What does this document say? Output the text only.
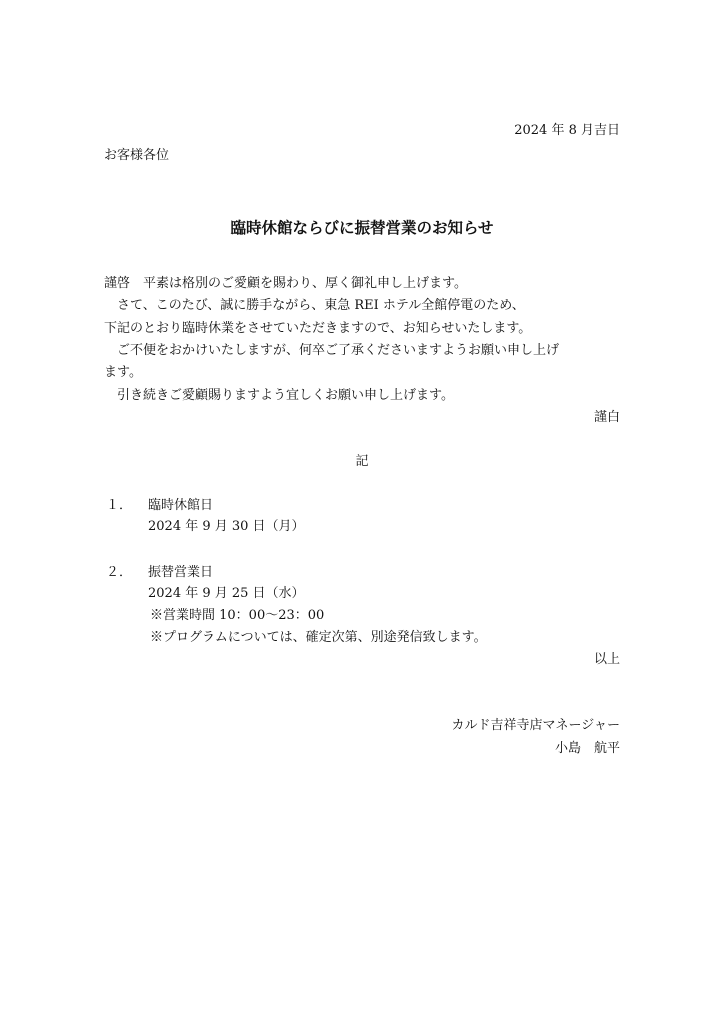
2024 年 8 月吉日
お客様各位
臨時休館ならびに振替営業のお知らせ
謹啓　平素は格別のご愛顧を賜わり、厚く御礼申し上げます。
さて、このたび、誠に勝手ながら、東急 REI ホテル全館停電のため、
下記のとおり臨時休業をさせていただきますので、お知らせいたします。
ご不便をおかけいたしますが、何卒ご了承くださいますようお願い申し上げ
ます。
引き続きご愛顧賜りますよう宜しくお願い申し上げます。
謹白
記
１． 臨時休館日
2024 年 9 月 30 日（月）
２． 振替営業日
2024 年 9 月 25 日（水）
※営業時間 10：00～23：00
※プログラムについては、確定次第、別途発信致します。
以上
カルド吉祥寺店マネージャー
小島　航平
